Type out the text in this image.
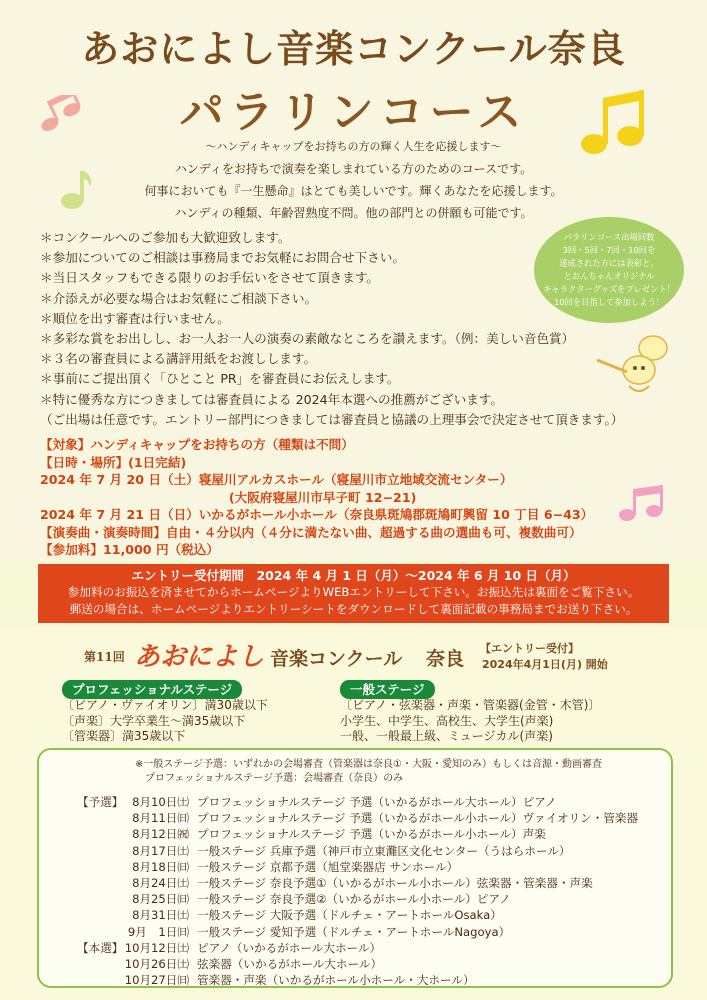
あおによし音楽コンクール奈良
パラリンコース
～ハンディキャップをお持ちの方の輝く人生を応援します～
ハンディをお持ちで演奏を楽しまれている方のためのコースです。
何事においても『一生懸命』はとても美しいです。輝くあなたを応援します。
ハンディの種類、年齢習熟度不問。他の部門との併願も可能です。
＊コンクールへのご参加も大歓迎致します。
＊参加についてのご相談は事務局までお気軽にお問合せ下さい。
＊当日スタッフもできる限りのお手伝いをさせて頂きます。
＊介添えが必要な場合はお気軽にご相談下さい。
＊順位を出す審査は行いません。
＊多彩な賞をお出しし、お一人お一人の演奏の素敵なところを讃えます。（例：美しい音色賞）
＊３名の審査員による講評用紙をお渡しします。
＊事前にご提出頂く「ひとこと PR」を審査員にお伝えします。
＊特に優秀な方につきましては審査員による 2024年本選への推薦がございます。
（ご出場は任意です。エントリー部門につきましては審査員と協議の上理事会で決定させて頂きます。）
パラリンコース出場回数
3回・5回・7回・10回を
達成された方には表彰と、
とおんちゃんオリジナル
キャラクターグッズをプレゼント！
10回を目指して参加しよう！
【対象】ハンディキャップをお持ちの方（種類は不問）
【日時・場所】(1日完結)
2024 年 7 月 20 日（土）寝屋川アルカスホール（寝屋川市立地域交流センター）
　　　　　　　　　　　　　　　(大阪府寝屋川市早子町 12−21)
2024 年 7 月 21 日（日）いかるがホール小ホール（奈良県斑鳩郡斑鳩町興留 10 丁目 6−43）
【演奏曲・演奏時間】自由・４分以内（４分に満たない曲、超過する曲の選曲も可、複数曲可）
【参加料】11,000 円（税込）
エントリー受付期間　2024 年 4 月 1 日（月）〜2024 年 6 月 10 日（月）
参加料のお振込を済ませてからホームページよりWEBエントリーして下さい。お振込先は裏面をご覧下さい。
郵送の場合は、ホームページよりエントリーシートをダウンロードして裏面記載の事務局までお送り下さい。
第11回 あおによし 音楽コンクール 奈良 【エントリー受付】
2024年4月1日(月) 開始
プロフェッショナルステージ
〔ピアノ・ヴァイオリン〕満30歳以下
〔声楽〕大学卒業生〜満35歳以下
〔管楽器〕満35歳以下
一般ステージ
〔ピアノ・弦楽器・声楽・管楽器(金管・木管)〕
小学生、中学生、高校生、大学生(声楽)
一般、一般最上級、ミュージカル(声楽)
※一般ステージ予選：いずれかの会場審査（管楽器は奈良①・大阪・愛知のみ）もしくは音源・動画審査
プロフェッショナルステージ予選：会場審査（奈良）のみ
【予選】 8月10日㈯ プロフェッショナルステージ 予選（いかるがホール大ホール）ピアノ
8月11日㈰ プロフェッショナルステージ 予選（いかるがホール小ホール）ヴァイオリン・管楽器
8月12日㈷ プロフェッショナルステージ 予選（いかるがホール小ホール）声楽
8月17日㈯ 一般ステージ 兵庫予選（神戸市立東灘区文化センター（うはらホール）
8月18日㈰ 一般ステージ 京都予選（旭堂楽器店 サンホール）
8月24日㈯ 一般ステージ 奈良予選①（いかるがホール小ホール）弦楽器・管楽器・声楽
8月25日㈰ 一般ステージ 奈良予選②（いかるがホール小ホール）ピアノ
8月31日㈯ 一般ステージ 大阪予選（ドルチェ・アートホールOsaka）
9月　1日㈰ 一般ステージ 愛知予選（ドルチェ・アートホールNagoya）
【本選】 10月12日㈯ ピアノ（いかるがホール大ホール）
10月26日㈯ 弦楽器（いかるがホール大ホール）
10月27日㈰ 管楽器・声楽（いかるがホール小ホール・大ホール）
